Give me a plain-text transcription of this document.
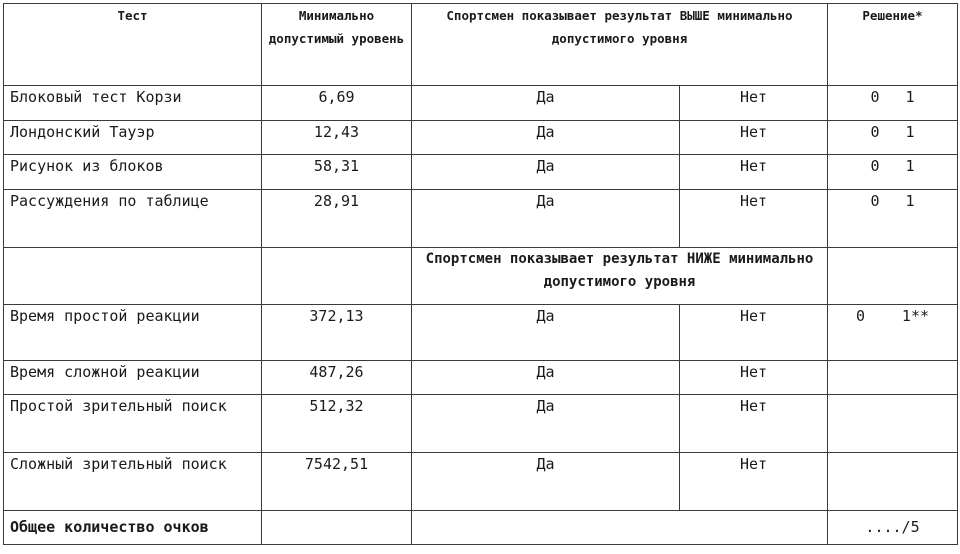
Тест	Минимально допустимый уровень	Спортсмен показывает результат ВЫШЕ минимально допустимого уровня		Решение*
Блоковый тест Корзи	6,69	Да	Нет	0 1

Лондонский Тауэр	12,43	Да	Нет	0 1

Рисунок из блоков	58,31	Да	Нет	0 1

Рассуждения по таблице	28,91	Да	Нет	0 1

		Спортсмен показывает результат НИЖЕ минимально допустимого уровня		
Время простой реакции	372,13	Да	Нет	0 1**

Время сложной реакции	487,26	Да	Нет	
Простой зрительный поиск	512,32	Да	Нет	
Сложный зрительный поиск	7542,51	Да	Нет	
Общее количество очков				..../5
